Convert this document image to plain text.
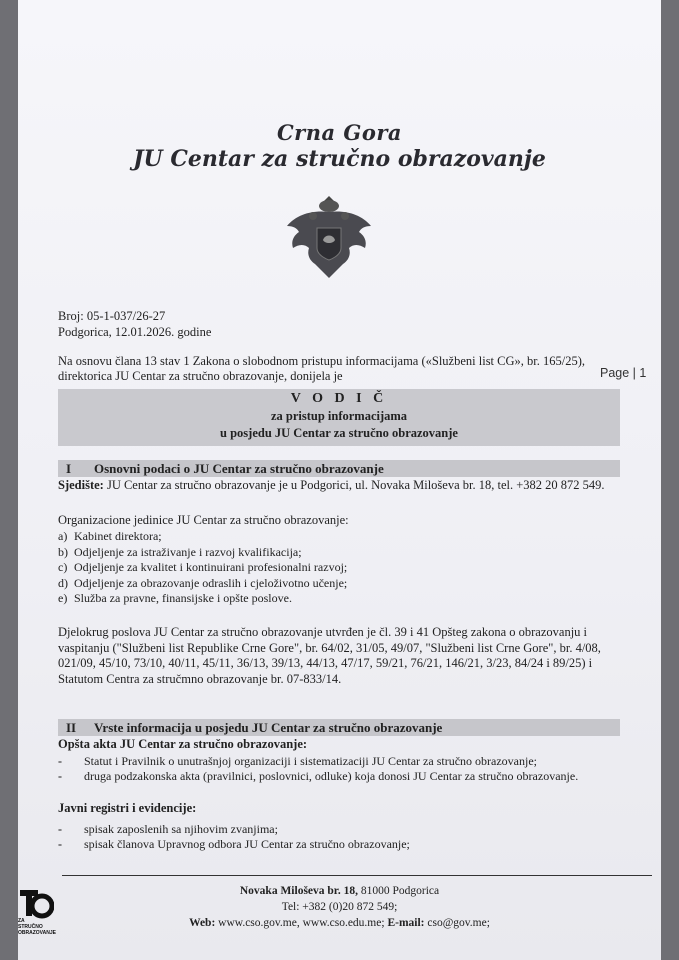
Crna Gora
JU Centar za stručno obrazovanje
Broj: 05-1-037/26-27
Podgorica, 12.01.2026. godine
Na osnovu člana 13 stav 1 Zakona o slobodnom pristupu informacijama («Službeni list CG», br. 165/25), direktorica JU Centar za stručno obrazovanje, donijela je	Page | 1
V O D I Č
za pristup informacijama
u posjedu JU Centar za stručno obrazovanje
I Osnovni podaci o JU Centar za stručno obrazovanje
Sjedište: JU Centar za stručno obrazovanje je u Podgorici, ul. Novaka Miloševa br. 18, tel. +382 20 872 549.
Organizacione jedinice JU Centar za stručno obrazovanje:
a) Kabinet direktora;
b) Odjeljenje za istraživanje i razvoj kvalifikacija;
c) Odjeljenje za kvalitet i kontinuirani profesionalni razvoj;
d) Odjeljenje za obrazovanje odraslih i cjeloživotno učenje;
e) Služba za pravne, finansijske i opšte poslove.
Djelokrug poslova JU Centar za stručno obrazovanje utvrđen je čl. 39 i 41 Opšteg zakona o obrazovanju i vaspitanju ("Službeni list Republike Crne Gore", br. 64/02, 31/05, 49/07, "Službeni list Crne Gore", br. 4/08, 021/09, 45/10, 73/10, 40/11, 45/11, 36/13, 39/13, 44/13, 47/17, 59/21, 76/21, 146/21, 3/23, 84/24 i 89/25) i Statutom Centra za stručmno obrazovanje br. 07-833/14.
II Vrste informacija u posjedu JU Centar za stručno obrazovanje
Opšta akta JU Centar za stručno obrazovanje:
-	Statut i Pravilnik o unutrašnjoj organizaciji i sistematizaciji JU Centar za stručno obrazovanje;
-	druga podzakonska akta (pravilnici, poslovnici, odluke) koja donosi JU Centar za stručno obrazovanje.
Javni registri i evidencije:
-	spisak zaposlenih sa njihovim zvanjima;
-	spisak članova Upravnog odbora JU Centar za stručno obrazovanje;
ZA STRUČNO OBRAZOVANJE
Novaka Miloševa br. 18, 81000 Podgorica
Tel: +382 (0)20 872 549;
Web: www.cso.gov.me, www.cso.edu.me; E-mail: cso@gov.me;
